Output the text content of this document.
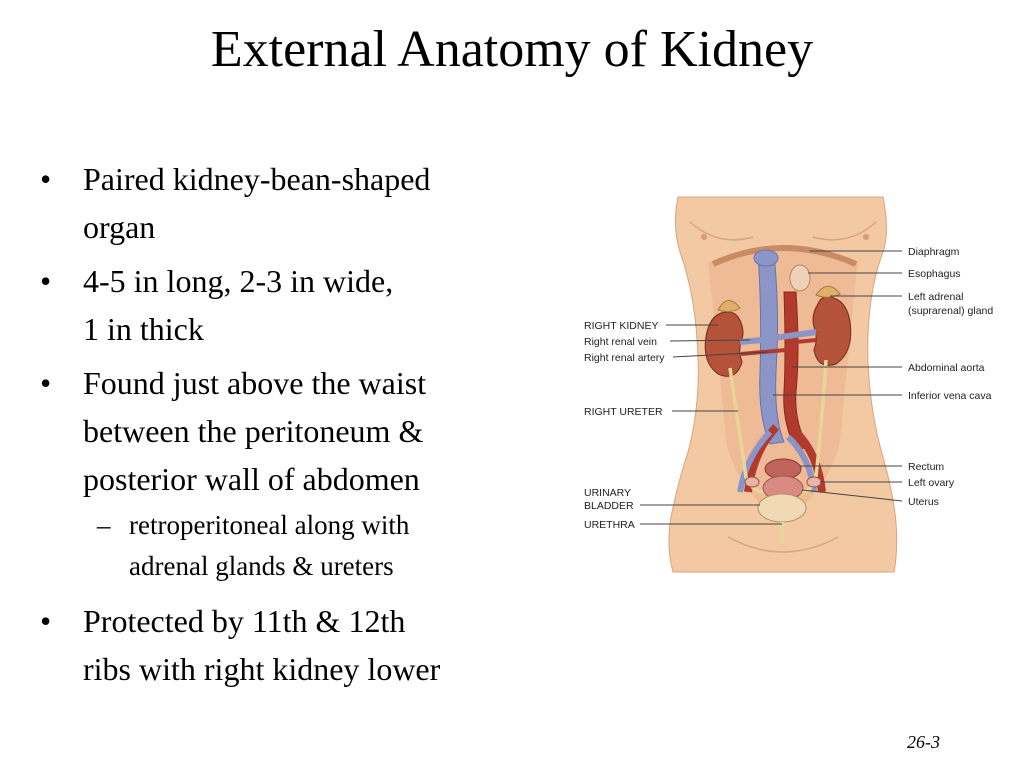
External Anatomy of Kidney
• Paired kidney-bean-shaped
organ
• 4-5 in long, 2-3 in wide,
1 in thick
• Found just above the waist
between the peritoneum &
posterior wall of abdomen
– retroperitoneal along with
adrenal glands & ureters
• Protected by 11th & 12th
ribs with right kidney lower
RIGHT KIDNEY
Right renal vein
Right renal artery
RIGHT URETER
URINARY
BLADDER
URETHRA
Diaphragm
Esophagus
Left adrenal
(suprarenal) gland
Abdominal aorta
Inferior vena cava
Rectum
Left ovary
Uterus
26-3
